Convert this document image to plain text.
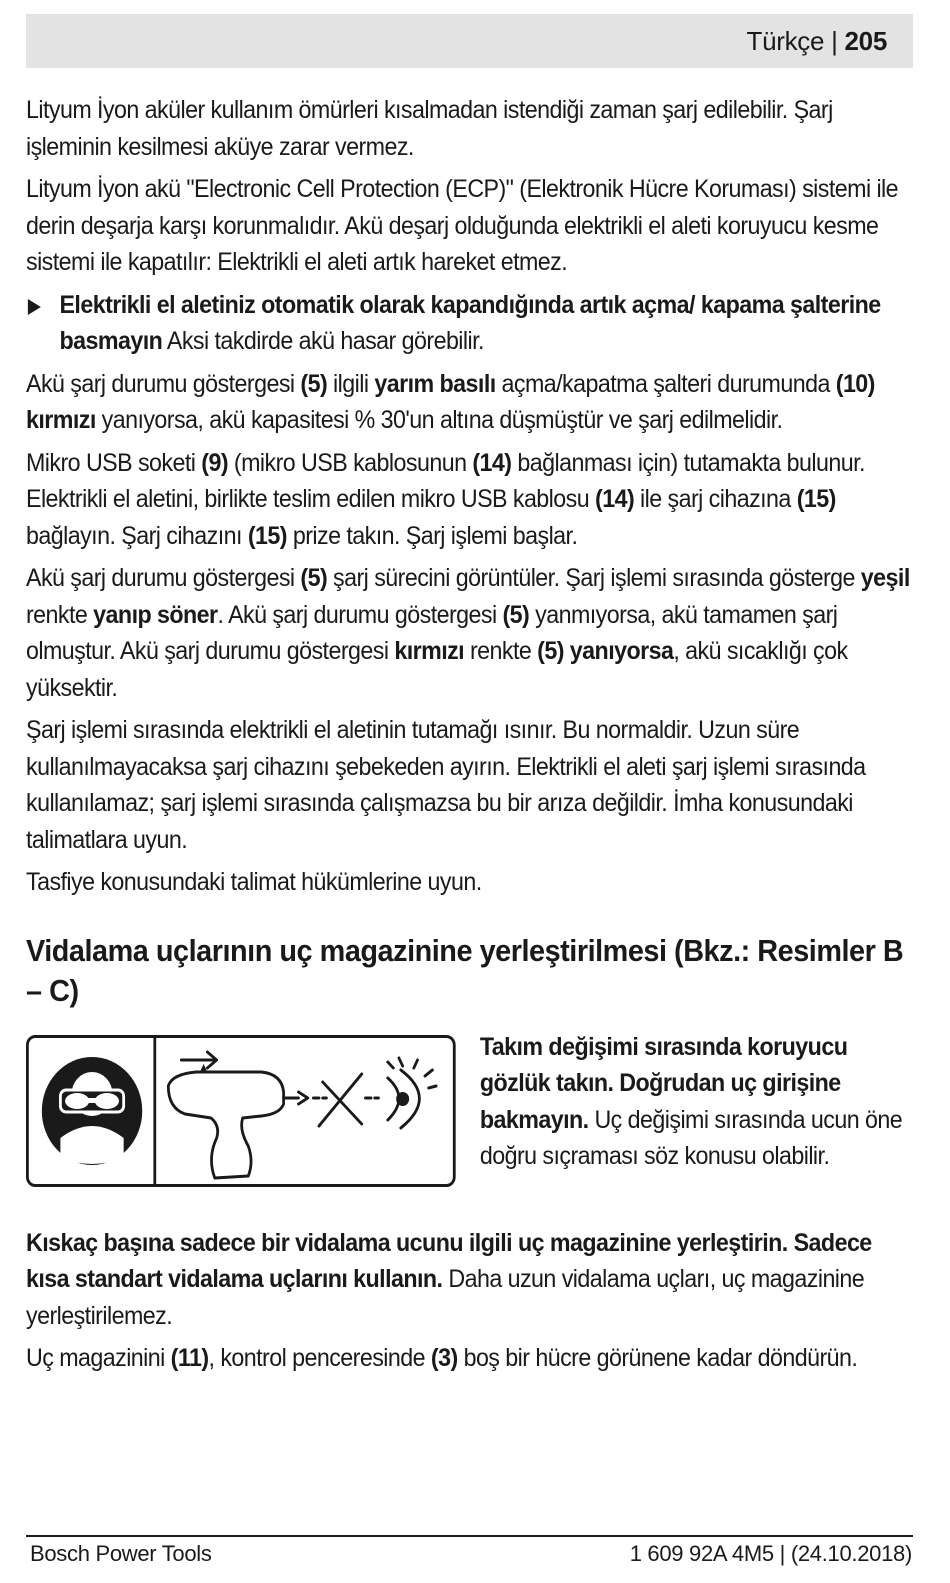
Türkçe | 205

Lityum İyon aküler kullanım ömürleri kısalmadan istendiği zaman şarj edilebilir. Şarj işleminin kesilmesi aküye zarar vermez.

Lityum İyon akü "Electronic Cell Protection (ECP)" (Elektronik Hücre Koruması) sistemi ile derin deşarja karşı korunmalıdır. Akü deşarj olduğunda elektrikli el aleti koruyucu kesme sistemi ile kapatılır: Elektrikli el aleti artık hareket etmez.

Elektrikli el aletiniz otomatik olarak kapandığında artık açma/ kapama şalterine basmayın Aksi takdirde akü hasar görebilir.

Akü şarj durumu göstergesi (5) ilgili yarım basılı açma/kapatma şalteri durumunda (10) kırmızı yanıyorsa, akü kapasitesi % 30'un altına düşmüştür ve şarj edilmelidir.

Mikro USB soketi (9) (mikro USB kablosunun (14) bağlanması için) tutamakta bulunur. Elektrikli el aletini, birlikte teslim edilen mikro USB kablosu (14) ile şarj cihazına (15) bağlayın. Şarj cihazını (15) prize takın. Şarj işlemi başlar.

Akü şarj durumu göstergesi (5) şarj sürecini görüntüler. Şarj işlemi sırasında gösterge yeşil renkte yanıp söner. Akü şarj durumu göstergesi (5) yanmıyorsa, akü tamamen şarj olmuştur. Akü şarj durumu göstergesi kırmızı renkte (5) yanıyorsa, akü sıcaklığı çok yüksektir.

Şarj işlemi sırasında elektrikli el aletinin tutamağı ısınır. Bu normaldir. Uzun süre kullanılmayacaksa şarj cihazını şebekeden ayırın. Elektrikli el aleti şarj işlemi sırasında kullanılamaz; şarj işlemi sırasında çalışmazsa bu bir arıza değildir. İmha konusundaki talimatlara uyun.

Tasfiye konusundaki talimat hükümlerine uyun.

Vidalama uçlarının uç magazinine yerleştirilmesi (Bkz.: Resimler B – C)

Takım değişimi sırasında koruyucu gözlük takın. Doğrudan uç girişine bakmayın. Uç değişimi sırasında ucun öne doğru sıçraması söz konusu olabilir.

Kıskaç başına sadece bir vidalama ucunu ilgili uç magazinine yerleştirin. Sadece kısa standart vidalama uçlarını kullanın. Daha uzun vidalama uçları, uç magazinine yerleştirilemez.

Uç magazinini (11), kontrol penceresinde (3) boş bir hücre görünene kadar döndürün.

Bosch Power Tools	1 609 92A 4M5 | (24.10.2018)
